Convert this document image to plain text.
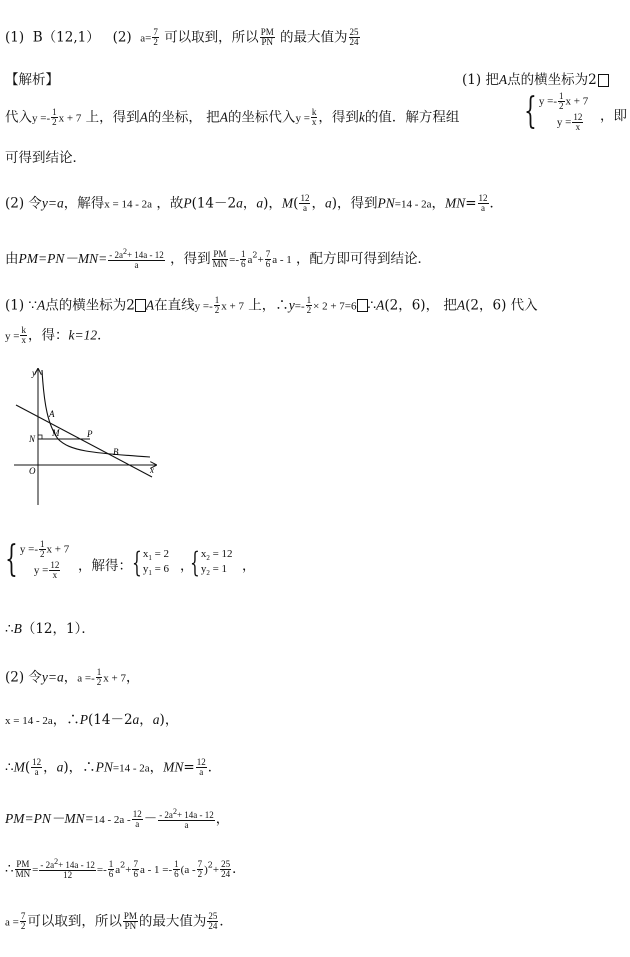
(1) B（12,1） (2) $a= \frac{7}{2}$ 可以取到，所以 $\frac{PM}{PN}$ 的最大值为 $\frac{25}{24}$
【解析】	(1) 把A点的横坐标为2
代入$y =- \frac{1}{2}$ x + 7 上，得到A的坐标， 把A的坐标代入$y = \frac{k}{x}$ ，得到k的值．解方程组 { $y =- \frac{1}{2}$ x + 7
$y = \frac{12}{x}$ ，即
可得到结论．
(2) 令y=a，解得x = 14 - 2a ，故P(14－2a，a)，$M( \frac{12}{a}$ ，a)，得到PN=14 - 2a，$MN= \frac{12}{a}$ ．
由$PM=PN-MN= \frac{- 2a2+ 14a - 12}{a}$ ，得到 $\frac{PM}{MN} =- \frac{1}{6} a^2+ \frac{7}{6}$ a - 1 ，配方即可得到结论．
(1) ∵A点的横坐标为2 A在直线$y =- \frac{1}{2}$ x + 7 上，∴y=- $\frac{1}{2} \times 2 + 7=6$ ∴A(2，6)， 把A(2，6) 代入
$y = \frac{k}{x}$ ，得：k=12．
y
x
O
A
N
M	P
B
{ $y =- \frac{1}{2}$ x + 7
$y = \frac{12}{x}$ ，解得： { $x_1 = 2$
$y_1 = 6$ ，
{ $x_2 = 12$
$y_2 = 1$	，
∴B（12，1）．
(2) 令y=a，$a =- \frac{1}{2}$ x + 7，
x = 14 - 2a，∴P(14－2a，a)，
∴M( $\frac{12}{a}$ ，a)，∴PN=14 - 2a，$MN= \frac{12}{a}$ ．
$PM=PN-MN=14 - 2a - \frac{12}{a} - \frac{- 2a2+ 14a - 12}{a}$ ，
∴ $\frac{PM}{MN} = \frac{- 2a2+ 14a - 12}{12} =- \frac{1}{6} a^2+ \frac{7}{6}$ $a - 1 =- \frac{1}{6} (a - \frac{7}{2} )^2+ \frac{25}{24}$ ．
$a = \frac{7}{2}$ 可以取到，所以 $\frac{PM}{PN}$ 的最大值为 $\frac{25}{24}$ ．
